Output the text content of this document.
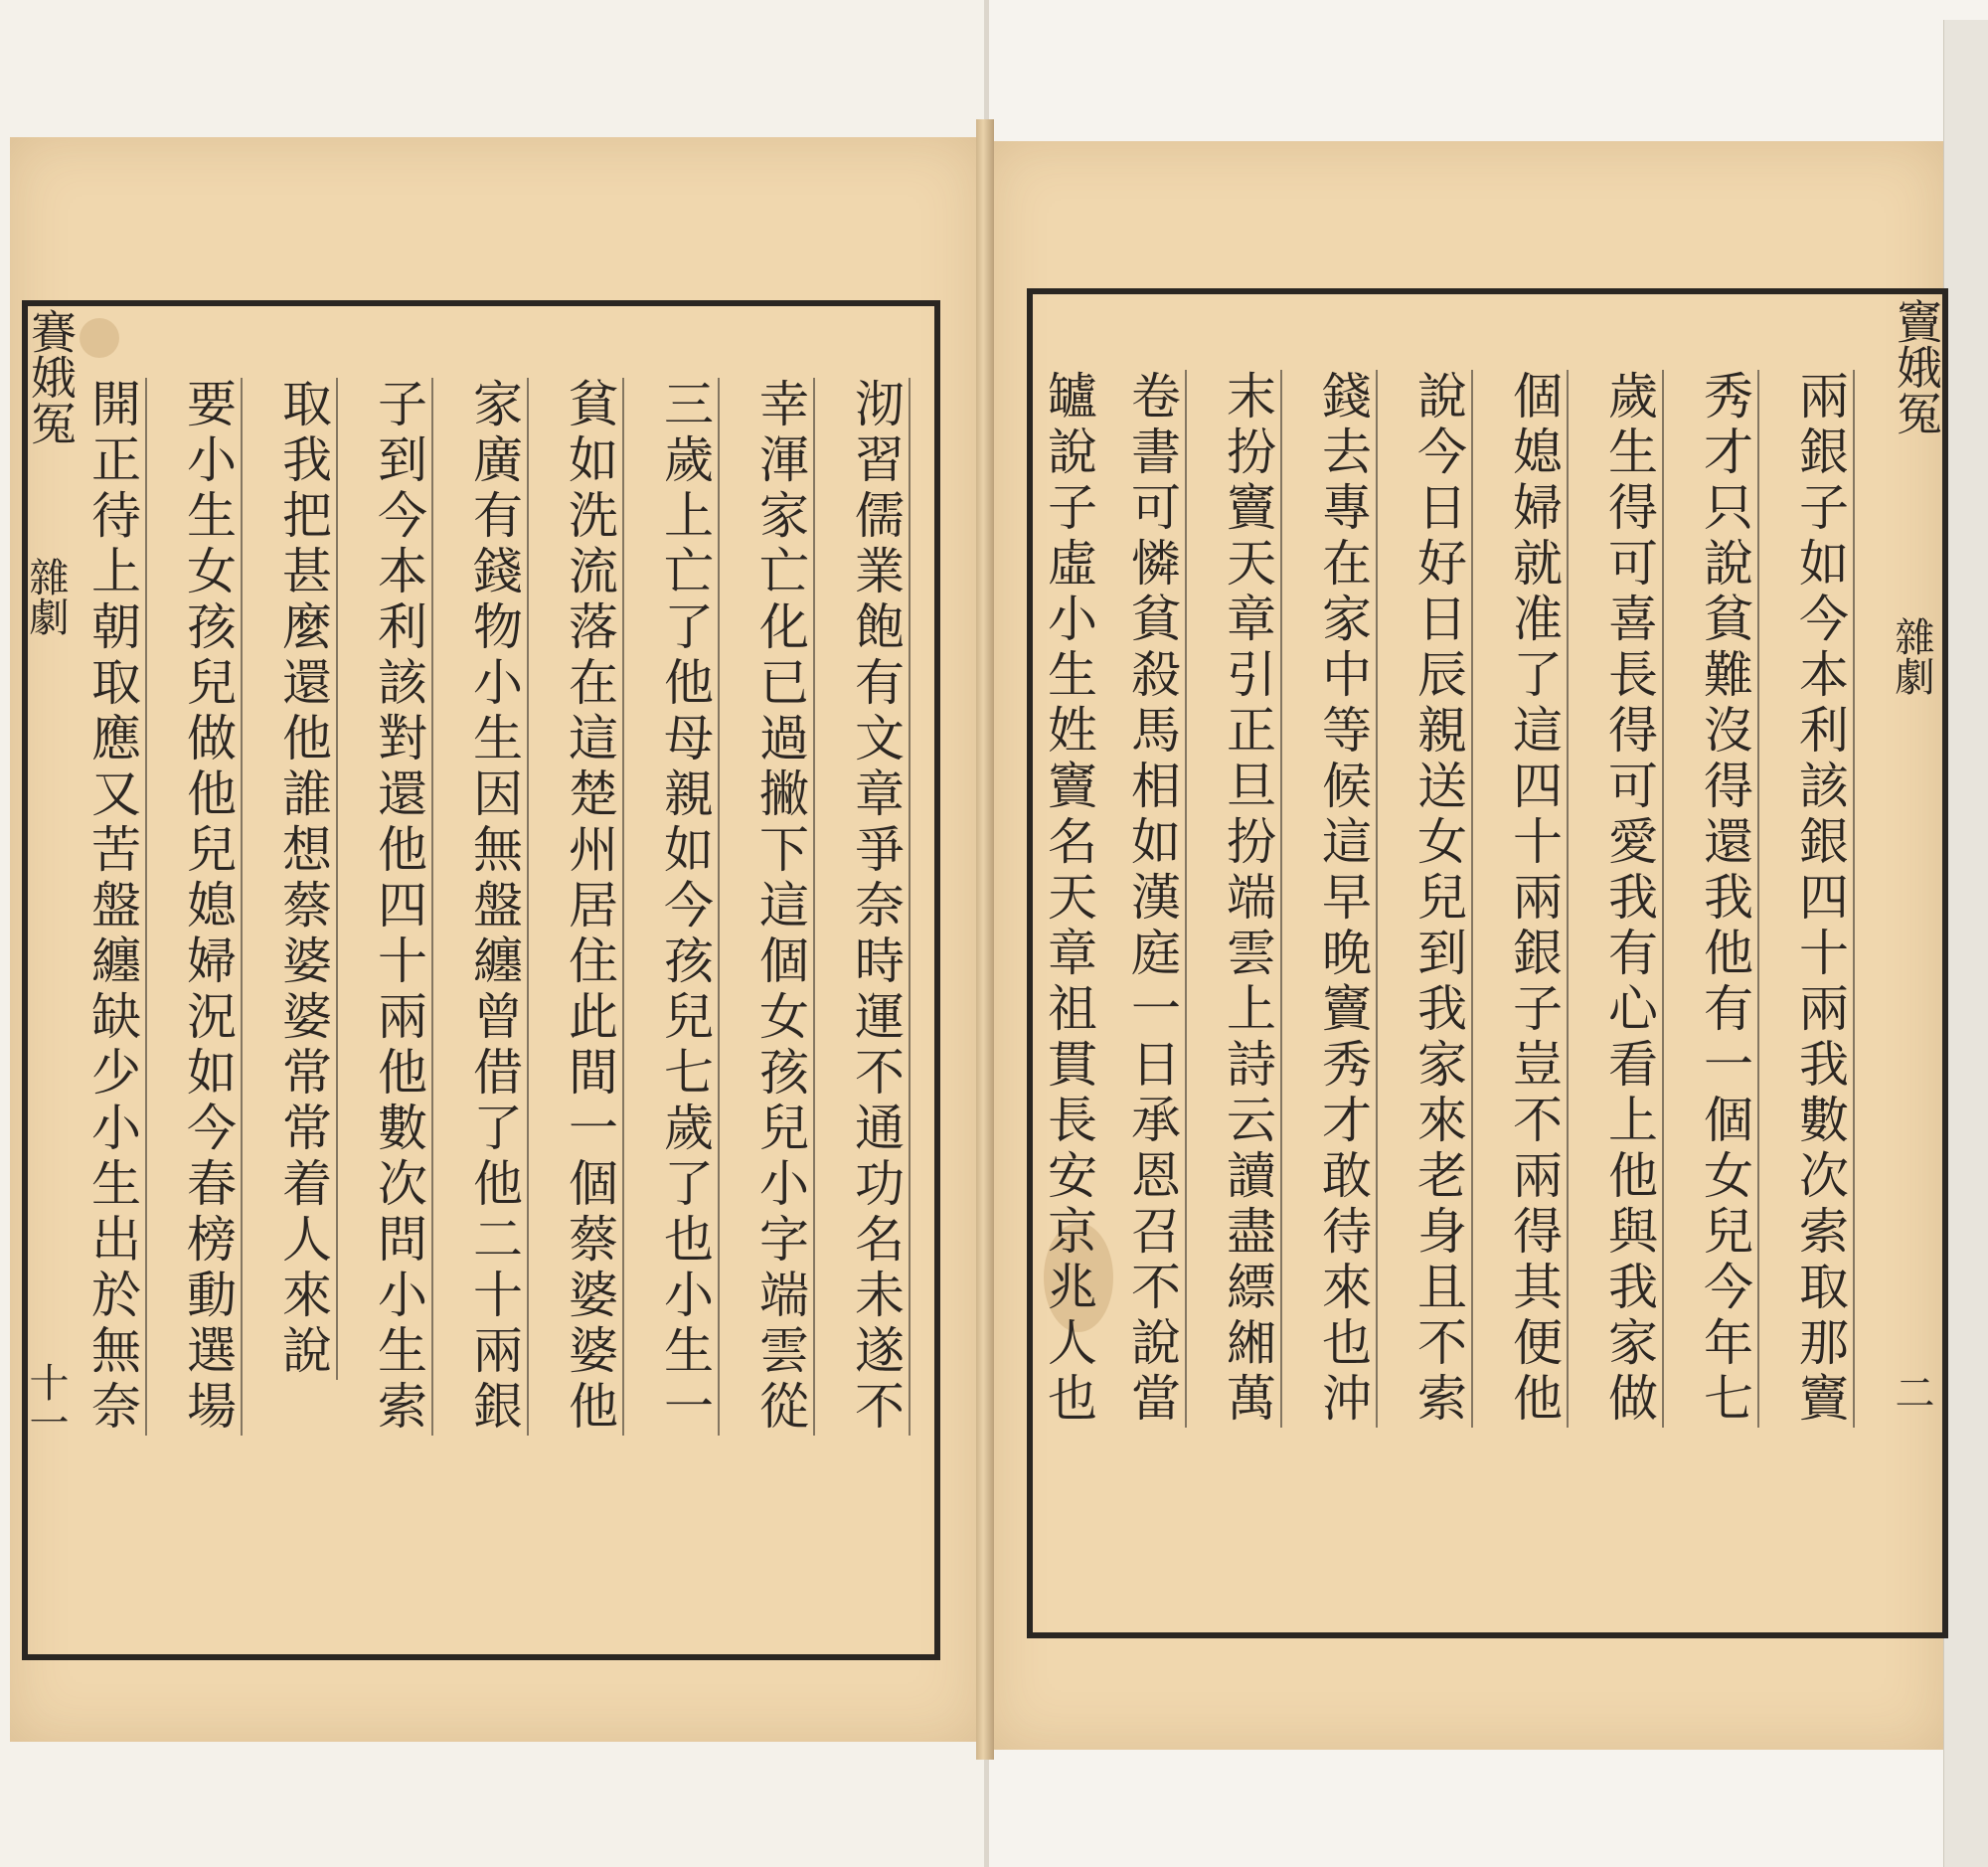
賽娥冤
雜劇
十一
竇娥冤
雜劇
二
沏習儒業飽有文章爭奈時運不通功名未遂不
幸渾家亡化已過撇下這個女孩兒小字端雲從
三歲上亡了他母親如今孩兒七歲了也小生一
貧如洗流落在這楚州居住此間一個蔡婆婆他
家廣有錢物小生因無盤纏曾借了他二十兩銀
子到今本利該對還他四十兩他數次問小生索
取我把甚麼還他誰想蔡婆婆常常着人來說
要小生女孩兒做他兒媳婦況如今春榜動選場
開正待上朝取應又苦盤纏缺少小生出於無奈	兩銀子如今本利該銀四十兩我數次索取那竇
秀才只說貧難沒得還我他有一個女兒今年七
歲生得可喜長得可愛我有心看上他與我家做
個媳婦就准了這四十兩銀子豈不兩得其便他
說今日好日辰親送女兒到我家來老身且不索
錢去專在家中等候這早晚竇秀才敢待來也沖
末扮竇天章引正旦扮端雲上詩云讀盡縹緗萬
卷書可憐貧殺馬相如漢庭一日承恩召不說當
罏說子虛小生姓竇名天章祖貫長安京兆人也
